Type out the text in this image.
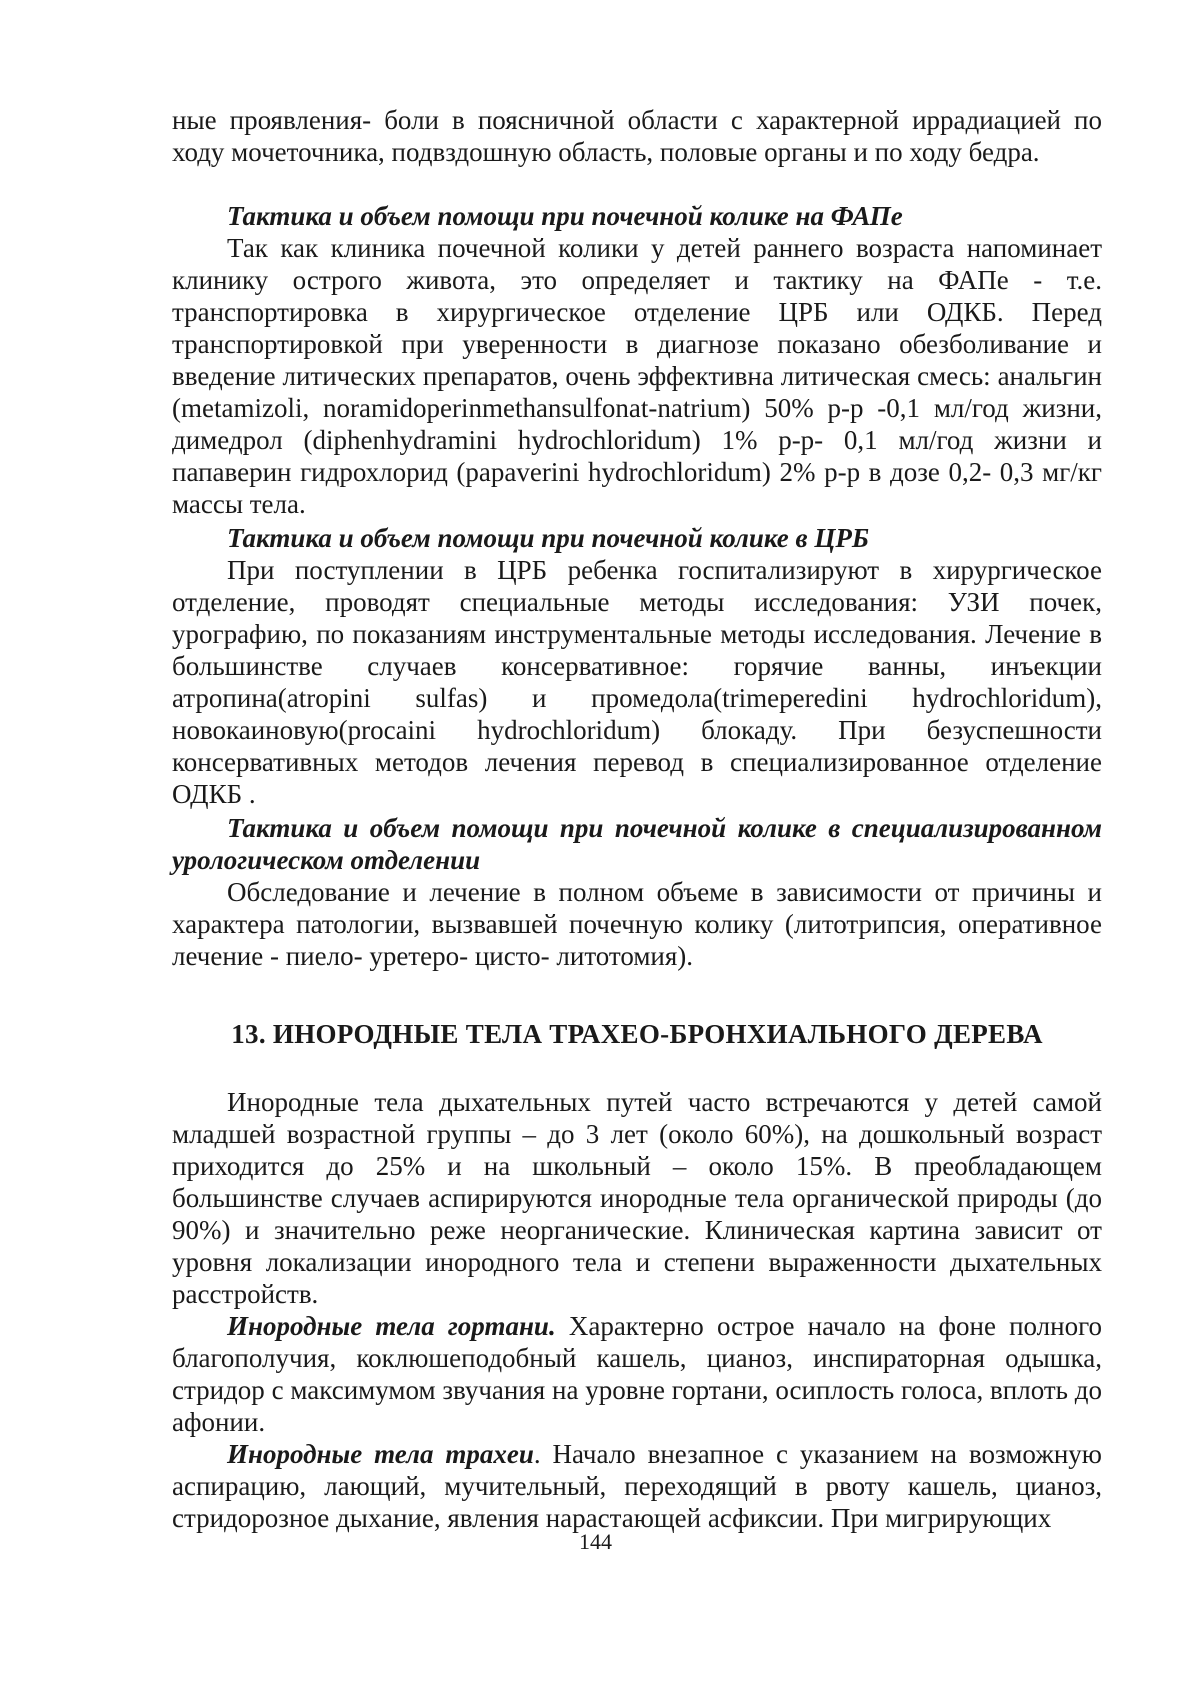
ные проявления- боли в поясничной области с характерной иррадиацией по ходу мочеточника, подвздошную область, половые органы и по ходу бедра.

Тактика и объем помощи при почечной колике на ФАПе

Так как клиника почечной колики у детей раннего возраста напоминает клинику острого живота, это определяет и тактику на ФАПе - т.е. транспортировка в хирургическое отделение ЦРБ или ОДКБ. Перед транспортировкой при уверенности в диагнозе показано обезболивание и введение литических препаратов, очень эффективна литическая смесь: анальгин (metamizoli, noramidoperinmethansulfonat-natrium) 50% р-р -0,1 мл/год жизни, димедрол (diphenhydramini hydrochloridum) 1% р-р- 0,1 мл/год жизни и папаверин гидрохлорид (papaverini hydrochloridum) 2% р-р в дозе 0,2- 0,3 мг/кг массы тела.

Тактика и объем помощи при почечной колике в ЦРБ

При поступлении в ЦРБ ребенка госпитализируют в хирургическое отделение, проводят специальные методы исследования: УЗИ почек, урографию, по показаниям инструментальные методы исследования. Лечение в большинстве случаев консервативное: горячие ванны, инъекции атропина(atropini sulfas) и промедола(trimeperedini hydrochloridum), новокаиновую(procaini hydrochloridum) блокаду. При безуспешности консервативных методов лечения перевод в специализированное отделение ОДКБ .

Тактика и объем помощи при почечной колике в специализированном урологическом отделении

Обследование и лечение в полном объеме в зависимости от причины и характера патологии, вызвавшей почечную колику (литотрипсия, оперативное лечение - пиело- уретеро- цисто- литотомия).

13. ИНОРОДНЫЕ ТЕЛА ТРАХЕО-БРОНХИАЛЬНОГО ДЕРЕВА

Инородные тела дыхательных путей часто встречаются у детей самой младшей возрастной группы – до 3 лет (около 60%), на дошкольный возраст приходится до 25% и на школьный – около 15%. В преобладающем большинстве случаев аспирируются инородные тела органической природы (до 90%) и значительно реже неорганические. Клиническая картина зависит от уровня локализации инородного тела и степени выраженности дыхательных расстройств.

Инородные тела гортани. Характерно острое начало на фоне полного благополучия, коклюшеподобный кашель, цианоз, инспираторная одышка, стридор с максимумом звучания на уровне гортани, осиплость голоса, вплоть до афонии.

Инородные тела трахеи. Начало внезапное с указанием на возможную аспирацию, лающий, мучительный, переходящий в рвоту кашель, цианоз, стридорозное дыхание, явления нарастающей асфиксии. При мигрирующих

144
